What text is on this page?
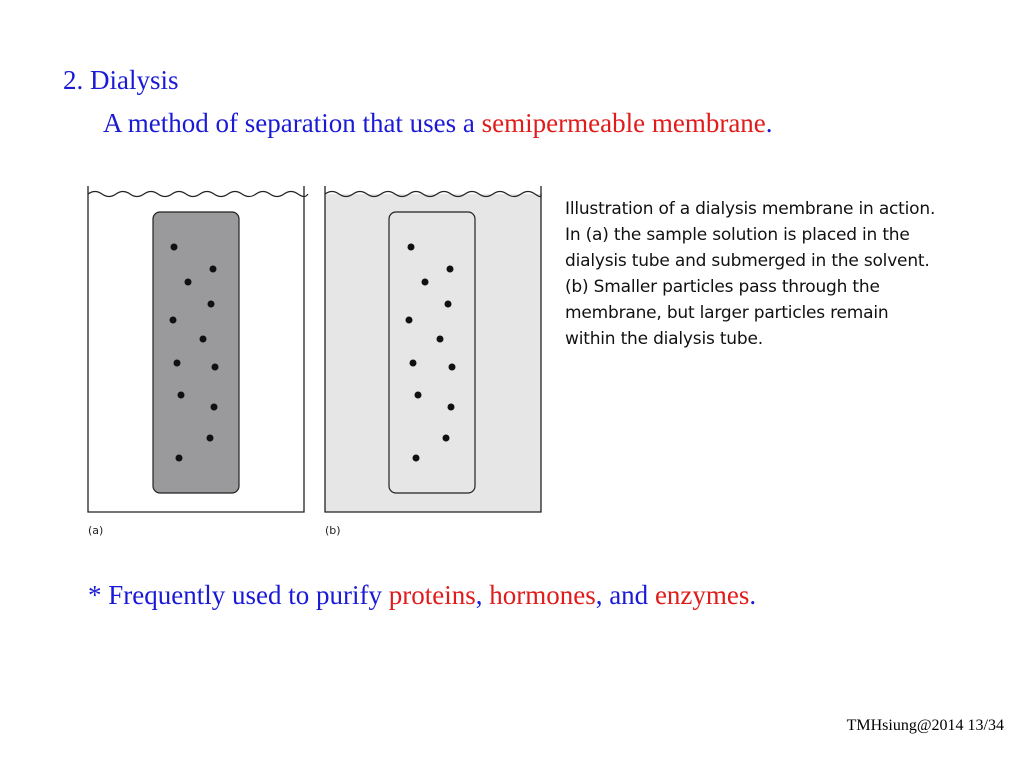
2. Dialysis
A method of separation that uses a semipermeable membrane.
(a)	(b)
Illustration of a dialysis membrane in action.
In (a) the sample solution is placed in the
dialysis tube and submerged in the solvent.
(b) Smaller particles pass through the
membrane, but larger particles remain
within the dialysis tube.
* Frequently used to purify proteins, hormones, and enzymes.
TMHsiung@2014 13/34
